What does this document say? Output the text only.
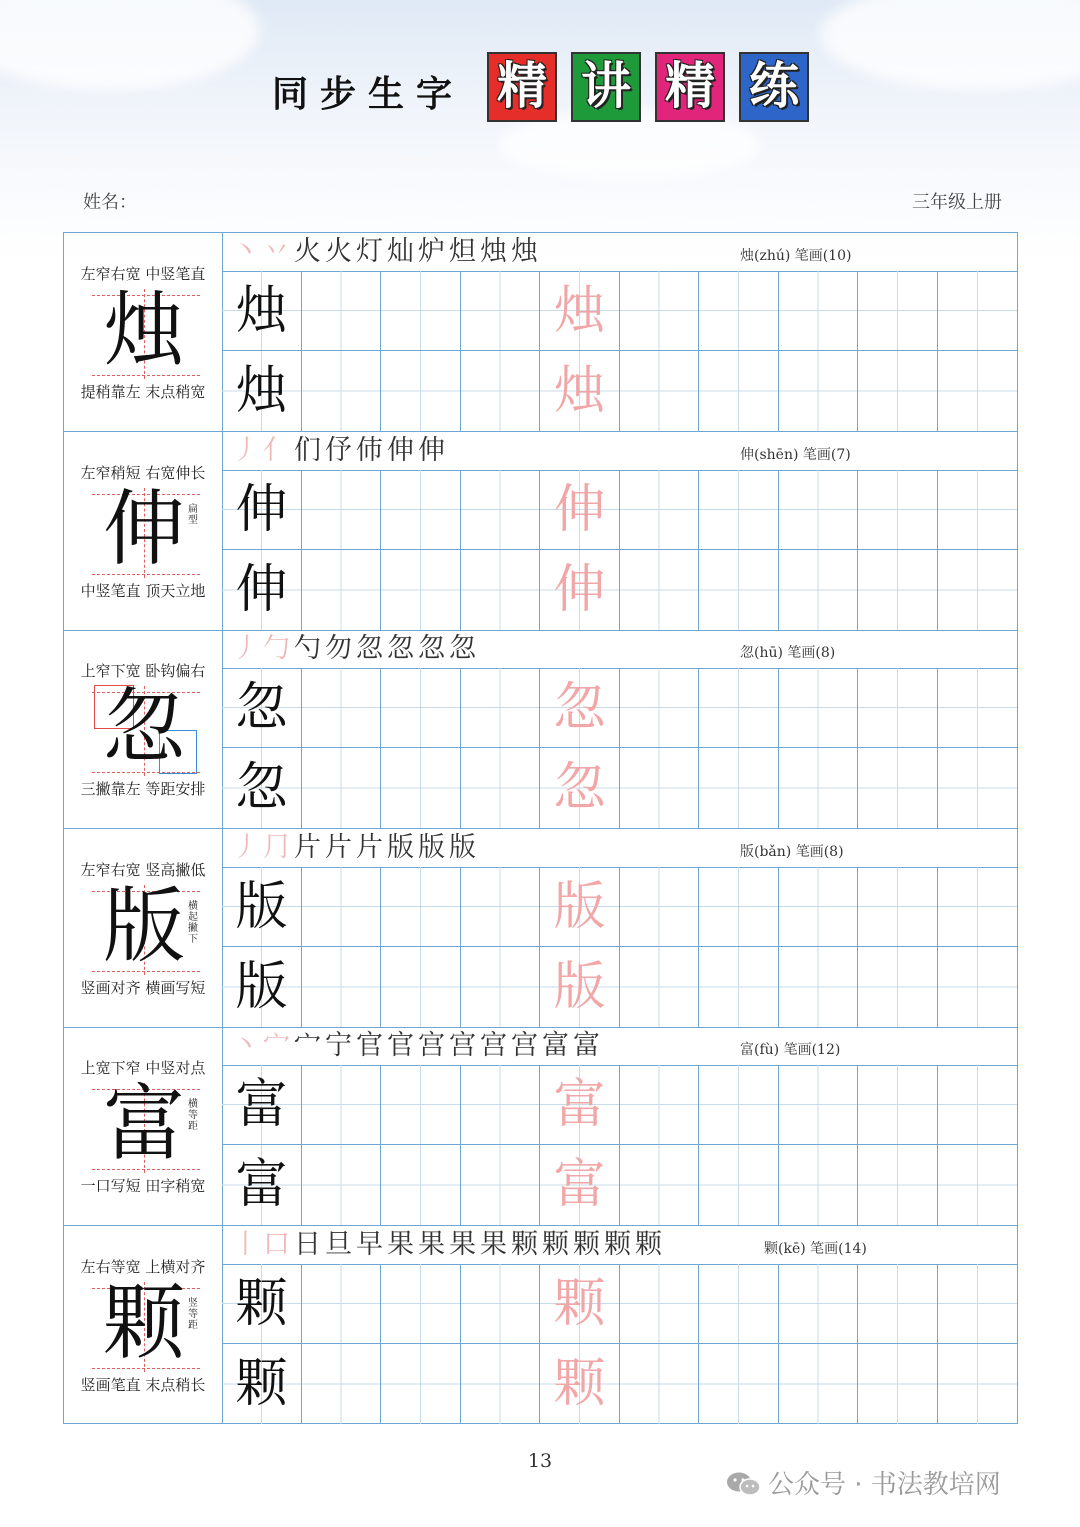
同步生字 精 讲 精 练
姓名：	三年级上册
左窄右宽 中竖笔直
烛
提稍靠左 末点稍宽
丶丷火火灯灿炉炟烛烛	烛(zhú) 笔画(10)
烛	烛
烛	烛
左窄稍短 右宽伸长
伸 扁型
中竖笔直 顶天立地
丿亻们伃伂伸伸	伸(shēn) 笔画(7)
伸	伸
伸	伸
上窄下宽 卧钩偏右
忽
三撇靠左 等距安排
丿勹勺勿忽忽忽忽	忽(hū) 笔画(8)
忽	忽
忽	忽
左窄右宽 竖高撇低
版 横起撇下
竖画对齐 横画写短
丿⺆片片片版版版	版(bǎn) 笔画(8)
版	版
版	版
上宽下窄 中竖对点
富 横等距
一口写短 田字稍宽
丶宀宀宁官官宫宫宫宫富富	富(fù) 笔画(12)
富	富
富	富
左右等宽 上横对齐
颗 竖等距
竖画笔直 末点稍长
丨口日旦早果果果果颗颗颗颗颗	颗(kē) 笔画(14)
颗	颗
颗	颗
13
公众号 · 书法教培网
